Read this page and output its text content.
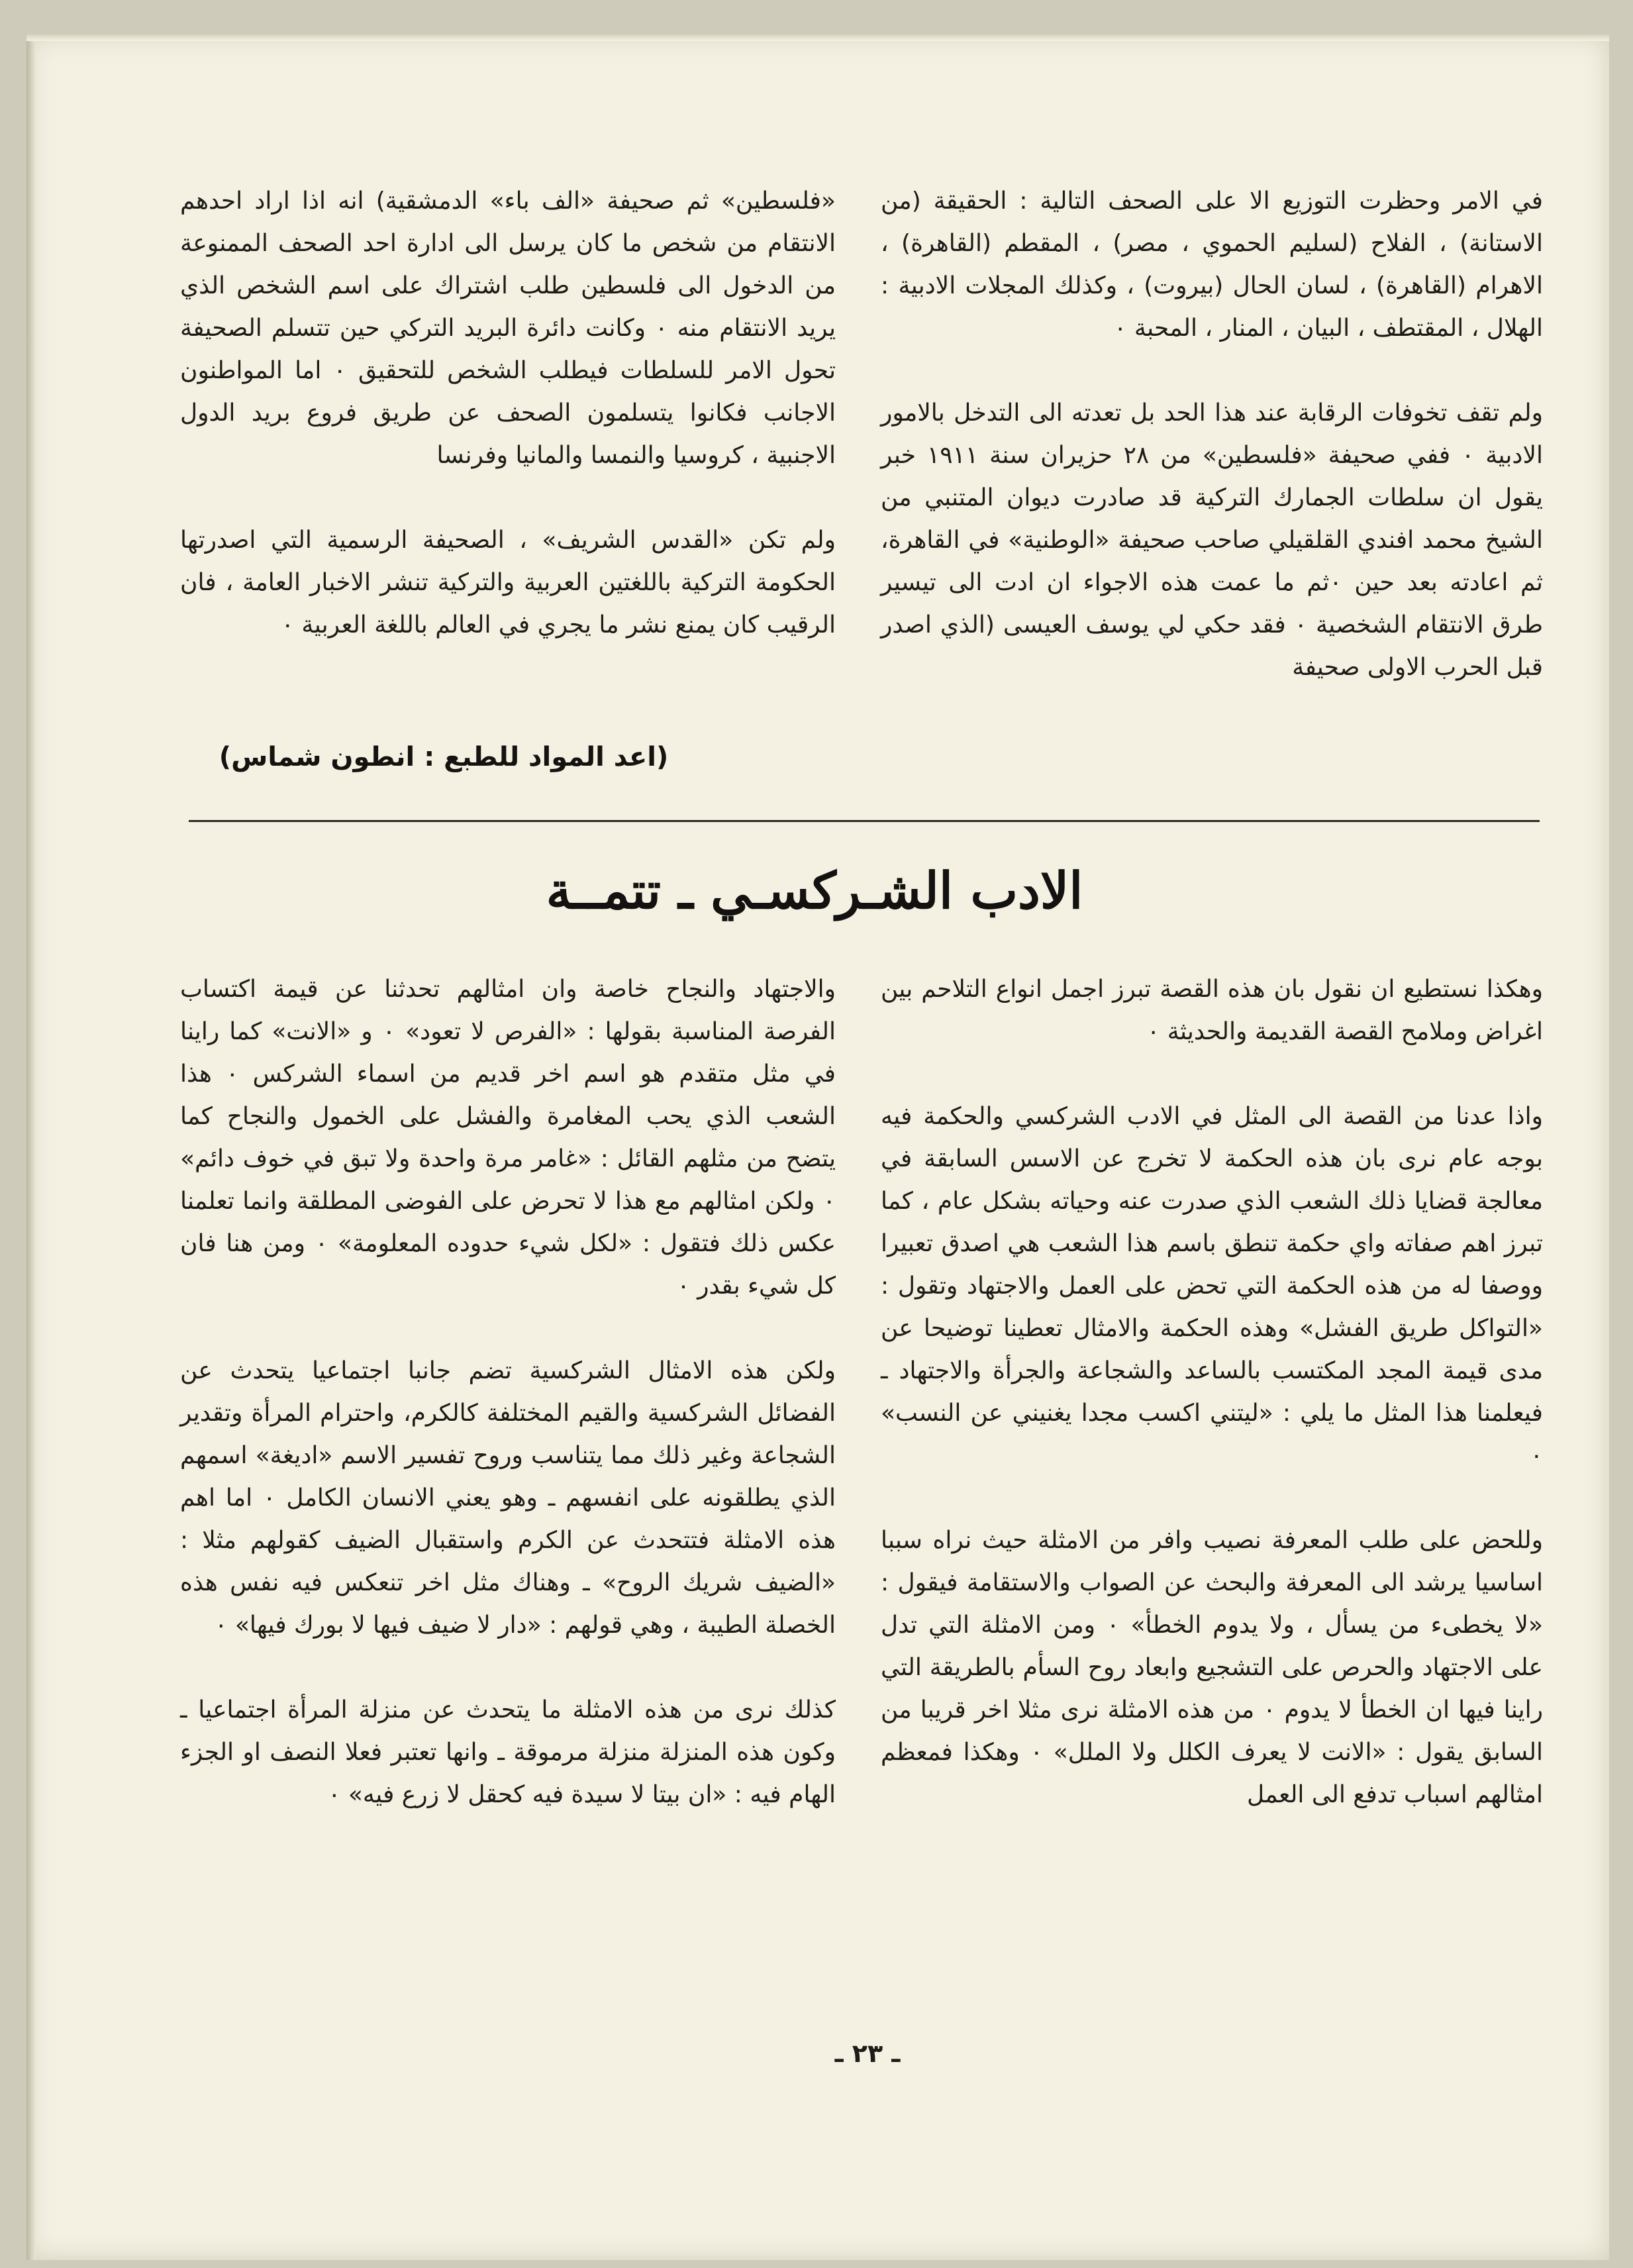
في الامر وحظرت التوزيع الا على الصحف التالية : الحقيقة (من الاستانة) ، الفلاح (لسليم الحموي ، مصر) ، المقطم (القاهرة) ، الاهرام (القاهرة) ، لسان الحال (بيروت) ، وكذلك المجلات الادبية : الهلال ، المقتطف ، البيان ، المنار ، المحبة ٠

ولم تقف تخوفات الرقابة عند هذا الحد بل تعدته الى التدخل بالامور الادبية ٠ ففي صحيفة «فلسطين» من ٢٨ حزيران سنة ١٩١١ خبر يقول ان سلطات الجمارك التركية قد صادرت ديوان المتنبي من الشيخ محمد افندي القلقيلي صاحب صحيفة «الوطنية» في القاهرة، ثم اعادته بعد حين ٠ثم ما عمت هذه الاجواء ان ادت الى تيسير طرق الانتقام الشخصية ٠ فقد حكي لي يوسف العيسى (الذي اصدر قبل الحرب الاولى صحيفة

«فلسطين» ثم صحيفة «الف باء» الدمشقية) انه اذا اراد احدهم الانتقام من شخص ما كان يرسل الى ادارة احد الصحف الممنوعة من الدخول الى فلسطين طلب اشتراك على اسم الشخص الذي يريد الانتقام منه ٠ وكانت دائرة البريد التركي حين تتسلم الصحيفة تحول الامر للسلطات فيطلب الشخص للتحقيق ٠ اما المواطنون الاجانب فكانوا يتسلمون الصحف عن طريق فروع بريد الدول الاجنبية ، كروسيا والنمسا والمانيا وفرنسا

ولم تكن «القدس الشريف» ، الصحيفة الرسمية التي اصدرتها الحكومة التركية باللغتين العربية والتركية تنشر الاخبار العامة ، فان الرقيب كان يمنع نشر ما يجري في العالم باللغة العربية ٠

(اعد المواد للطبع : انطون شماس)
الادب الشـركسـي ـ تتمــة

وهكذا نستطيع ان نقول بان هذه القصة تبرز اجمل انواع التلاحم بين اغراض وملامح القصة القديمة والحديثة ٠

واذا عدنا من القصة الى المثل في الادب الشركسي والحكمة فيه بوجه عام نرى بان هذه الحكمة لا تخرج عن الاسس السابقة في معالجة قضايا ذلك الشعب الذي صدرت عنه وحياته بشكل عام ، كما تبرز اهم صفاته واي حكمة تنطق باسم هذا الشعب هي اصدق تعبيرا ووصفا له من هذه الحكمة التي تحض على العمل والاجتهاد وتقول : «التواكل طريق الفشل» وهذه الحكمة والامثال تعطينا توضيحا عن مدى قيمة المجد المكتسب بالساعد والشجاعة والجرأة والاجتهاد ـ فيعلمنا هذا المثل ما يلي : «ليتني اكسب مجدا يغنيني عن النسب» ٠

وللحض على طلب المعرفة نصيب وافر من الامثلة حيث نراه سببا اساسيا يرشد الى المعرفة والبحث عن الصواب والاستقامة فيقول : «لا يخطىء من يسأل ، ولا يدوم الخطأ» ٠ ومن الامثلة التي تدل على الاجتهاد والحرص على التشجيع وابعاد روح السأم بالطريقة التي راينا فيها ان الخطأ لا يدوم ٠ من هذه الامثلة نرى مثلا اخر قريبا من السابق يقول : «الانت لا يعرف الكلل ولا الملل» ٠ وهكذا فمعظم امثالهم اسباب تدفع الى العمل

والاجتهاد والنجاح خاصة وان امثالهم تحدثنا عن قيمة اكتساب الفرصة المناسبة بقولها : «الفرص لا تعود» ٠ و «الانت» كما راينا في مثل متقدم هو اسم اخر قديم من اسماء الشركس ٠ هذا الشعب الذي يحب المغامرة والفشل على الخمول والنجاح كما يتضح من مثلهم القائل : «غامر مرة واحدة ولا تبق في خوف دائم» ٠ ولكن امثالهم مع هذا لا تحرض على الفوضى المطلقة وانما تعلمنا عكس ذلك فتقول : «لكل شيء حدوده المعلومة» ٠ ومن هنا فان كل شيء بقدر ٠

ولكن هذه الامثال الشركسية تضم جانبا اجتماعيا يتحدث عن الفضائل الشركسية والقيم المختلفة كالكرم، واحترام المرأة وتقدير الشجاعة وغير ذلك مما يتناسب وروح تفسير الاسم «اديغة» اسمهم الذي يطلقونه على انفسهم ـ وهو يعني الانسان الكامل ٠ اما اهم هذه الامثلة فتتحدث عن الكرم واستقبال الضيف كقولهم مثلا : «الضيف شريك الروح» ـ وهناك مثل اخر تنعكس فيه نفس هذه الخصلة الطيبة ، وهي قولهم : «دار لا ضيف فيها لا بورك فيها» ٠

كذلك نرى من هذه الامثلة ما يتحدث عن منزلة المرأة اجتماعيا ـ وكون هذه المنزلة منزلة مرموقة ـ وانها تعتبر فعلا النصف او الجزء الهام فيه : «ان بيتا لا سيدة فيه كحقل لا زرع فيه» ٠

ـ ٢٣ ـ
